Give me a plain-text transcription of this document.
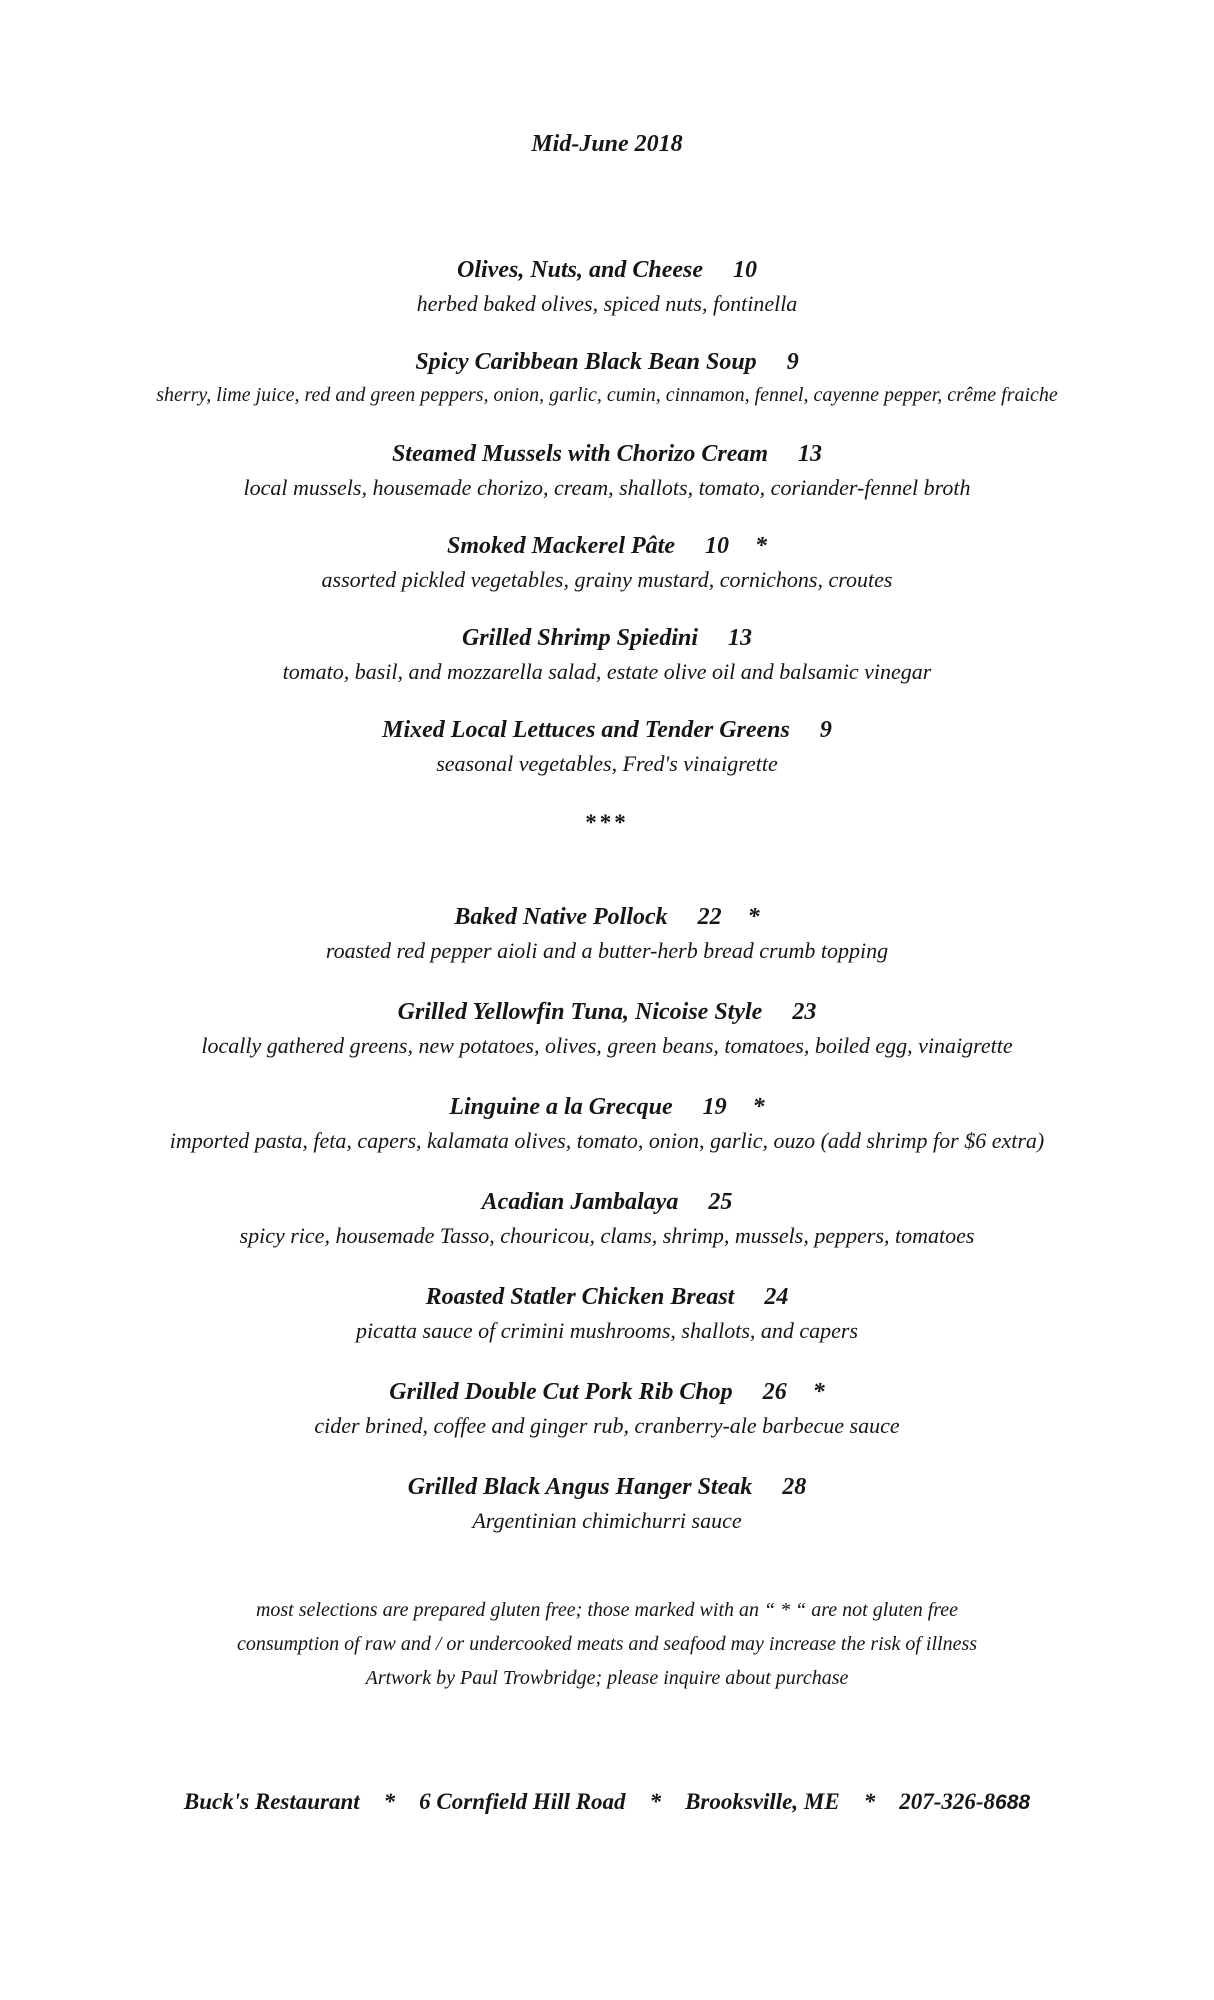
Mid-June 2018
Olives, Nuts, and Cheese 10
herbed baked olives, spiced nuts, fontinella
Spicy Caribbean Black Bean Soup 9
sherry, lime juice, red and green peppers, onion, garlic, cumin, cinnamon, fennel, cayenne pepper, crême fraiche
Steamed Mussels with Chorizo Cream 13
local mussels, housemade chorizo, cream, shallots, tomato, coriander-fennel broth
Smoked Mackerel Pâte 10 *
assorted pickled vegetables, grainy mustard, cornichons, croutes
Grilled Shrimp Spiedini 13
tomato, basil, and mozzarella salad, estate olive oil and balsamic vinegar
Mixed Local Lettuces and Tender Greens 9
seasonal vegetables, Fred's vinaigrette
***
Baked Native Pollock 22 *
roasted red pepper aioli and a butter-herb bread crumb topping
Grilled Yellowfin Tuna, Nicoise Style 23
locally gathered greens, new potatoes, olives, green beans, tomatoes, boiled egg, vinaigrette
Linguine a la Grecque 19 *
imported pasta, feta, capers, kalamata olives, tomato, onion, garlic, ouzo (add shrimp for $6 extra)
Acadian Jambalaya 25
spicy rice, housemade Tasso, chouricou, clams, shrimp, mussels, peppers, tomatoes
Roasted Statler Chicken Breast 24
picatta sauce of crimini mushrooms, shallots, and capers
Grilled Double Cut Pork Rib Chop 26 *
cider brined, coffee and ginger rub, cranberry-ale barbecue sauce
Grilled Black Angus Hanger Steak 28
Argentinian chimichurri sauce
most selections are prepared gluten free; those marked with an “ * “ are not gluten free
consumption of raw and / or undercooked meats and seafood may increase the risk of illness
Artwork by Paul Trowbridge; please inquire about purchase
Buck's Restaurant * 6 Cornfield Hill Road * Brooksville, ME * 207-326-8688
